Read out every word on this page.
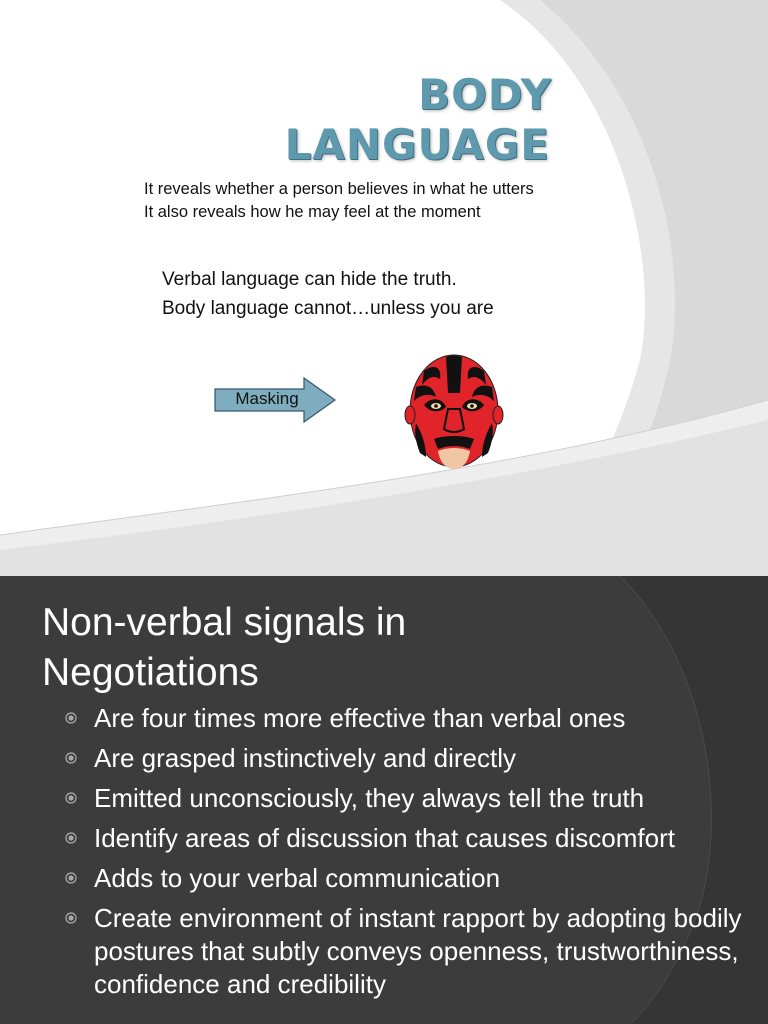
BODY
LANGUAGE
It reveals whether a person believes in what he utters
It also reveals how he may feel at the moment
Verbal language can hide the truth.
Body language cannot…unless you are
Masking
Non-verbal signals in
Negotiations
Are four times more effective than verbal ones
Are grasped instinctively and directly
Emitted unconsciously, they always tell the truth
Identify areas of discussion that causes discomfort
Adds to your verbal communication
Create environment of instant rapport by adopting bodily postures that subtly conveys openness, trustworthiness, confidence and credibility
